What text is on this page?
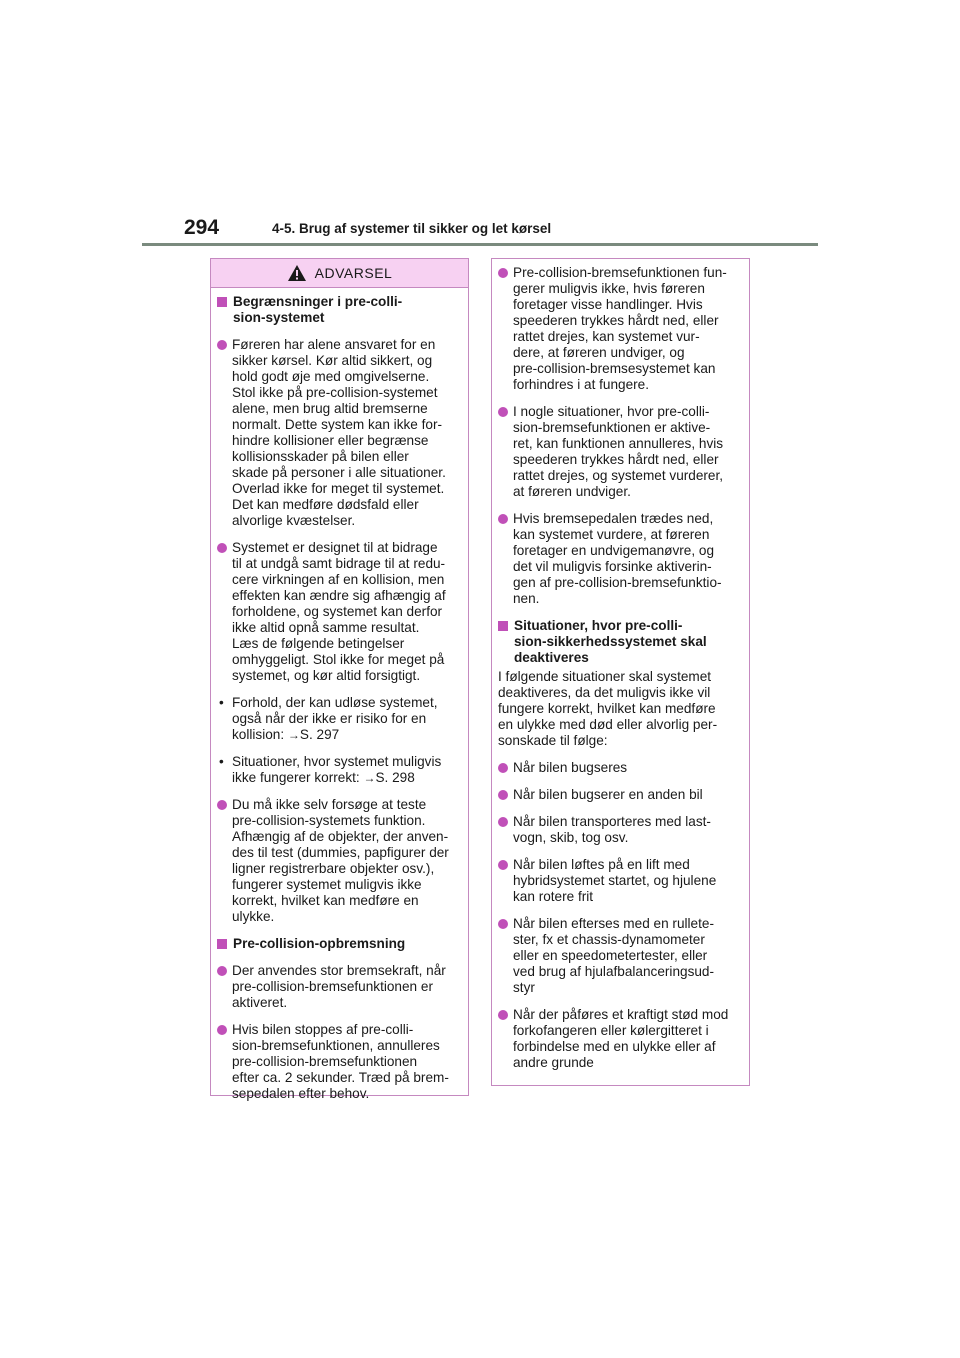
294	4-5. Brug af systemer til sikker og let kørsel
ADVARSEL
Begrænsninger i pre-colli-
sion-systemet
Føreren har alene ansvaret for en
sikker kørsel. Kør altid sikkert, og
hold godt øje med omgivelserne.
Stol ikke på pre-collision-systemet
alene, men brug altid bremserne
normalt. Dette system kan ikke for-
hindre kollisioner eller begrænse
kollisionsskader på bilen eller
skade på personer i alle situationer.
Overlad ikke for meget til systemet.
Det kan medføre dødsfald eller
alvorlige kvæstelser.
Systemet er designet til at bidrage
til at undgå samt bidrage til at redu-
cere virkningen af en kollision, men
effekten kan ændre sig afhængig af
forholdene, og systemet kan derfor
ikke altid opnå samme resultat.
Læs de følgende betingelser
omhyggeligt. Stol ikke for meget på
systemet, og kør altid forsigtigt.
• Forhold, der kan udløse systemet,
også når der ikke er risiko for en
kollision: →S. 297
• Situationer, hvor systemet muligvis
ikke fungerer korrekt: →S. 298
Du må ikke selv forsøge at teste
pre-collision-systemets funktion.
Afhængig af de objekter, der anven-
des til test (dummies, papfigurer der
ligner registrerbare objekter osv.),
fungerer systemet muligvis ikke
korrekt, hvilket kan medføre en
ulykke.
Pre-collision-opbremsning
Der anvendes stor bremsekraft, når
pre-collision-bremsefunktionen er
aktiveret.
Hvis bilen stoppes af pre-colli-
sion-bremsefunktionen, annulleres
pre-collision-bremsefunktionen
efter ca. 2 sekunder. Træd på brem-
sepedalen efter behov.
Pre-collision-bremsefunktionen fun-
gerer muligvis ikke, hvis føreren
foretager visse handlinger. Hvis
speederen trykkes hårdt ned, eller
rattet drejes, kan systemet vur-
dere, at føreren undviger, og
pre-collision-bremsesystemet kan
forhindres i at fungere.
I nogle situationer, hvor pre-colli-
sion-bremsefunktionen er aktive-
ret, kan funktionen annulleres, hvis
speederen trykkes hårdt ned, eller
rattet drejes, og systemet vurderer,
at føreren undviger.
Hvis bremsepedalen trædes ned,
kan systemet vurdere, at føreren
foretager en undvigemanøvre, og
det vil muligvis forsinke aktiverin-
gen af pre-collision-bremsefunktio-
nen.
Situationer, hvor pre-colli-
sion-sikkerhedssystemet skal
deaktiveres
I følgende situationer skal systemet
deaktiveres, da det muligvis ikke vil
fungere korrekt, hvilket kan medføre
en ulykke med død eller alvorlig per-
sonskade til følge:
Når bilen bugseres
Når bilen bugserer en anden bil
Når bilen transporteres med last-
vogn, skib, tog osv.
Når bilen løftes på en lift med
hybridsystemet startet, og hjulene
kan rotere frit
Når bilen efterses med en rullete-
ster, fx et chassis-dynamometer
eller en speedometertester, eller
ved brug af hjulafbalanceringsud-
styr
Når der påføres et kraftigt stød mod
forkofangeren eller kølergitteret i
forbindelse med en ulykke eller af
andre grunde
